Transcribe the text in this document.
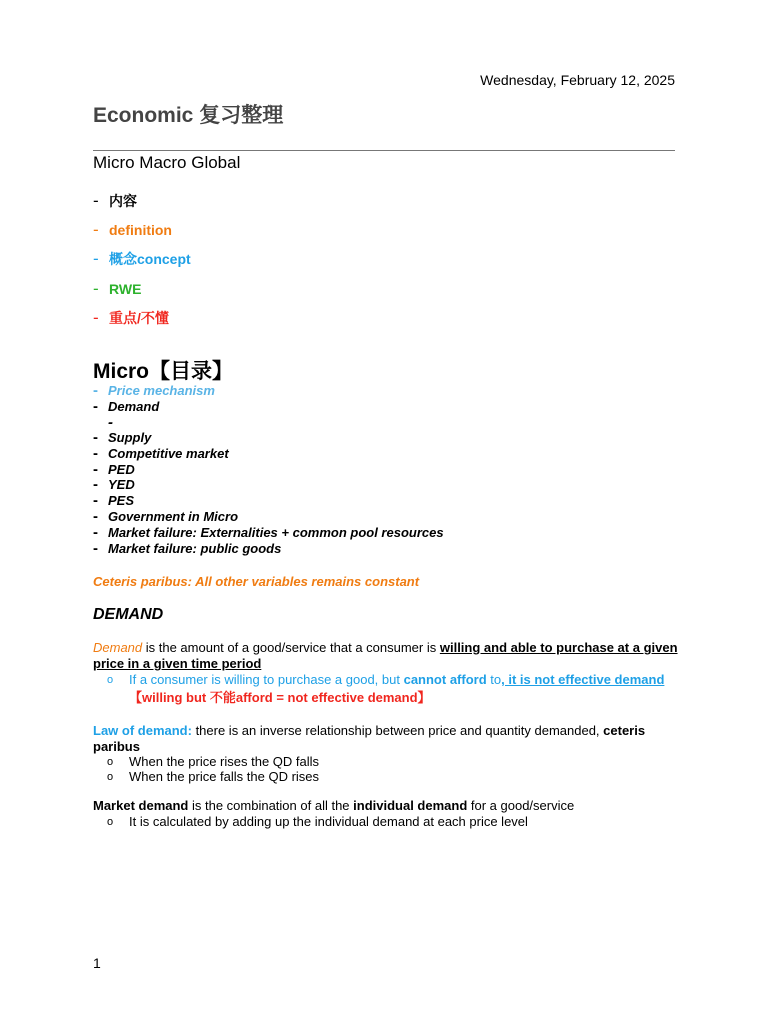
Wednesday, February 12, 2025
Economic 复习整理
Micro Macro Global
- 内容
- definition
- 概念concept
- RWE
- 重点/不懂
Micro【目录】
- Price mechanism
- Demand
-
- Supply
- Competitive market
- PED
- YED
- PES
- Government in Micro
- Market failure: Externalities + common pool resources
- Market failure: public goods
Ceteris paribus: All other variables remains constant
DEMAND
Demand is the amount of a good/service that a consumer is willing and able to purchase at a given price in a given time period
o If a consumer is willing to purchase a good, but cannot afford to, it is not effective demand【willing but 不能afford = not effective demand】
Law of demand: there is an inverse relationship between price and quantity demanded, ceteris paribus
o When the price rises the QD falls
o When the price falls the QD rises
Market demand is the combination of all the individual demand for a good/service
o It is calculated by adding up the individual demand at each price level
1
